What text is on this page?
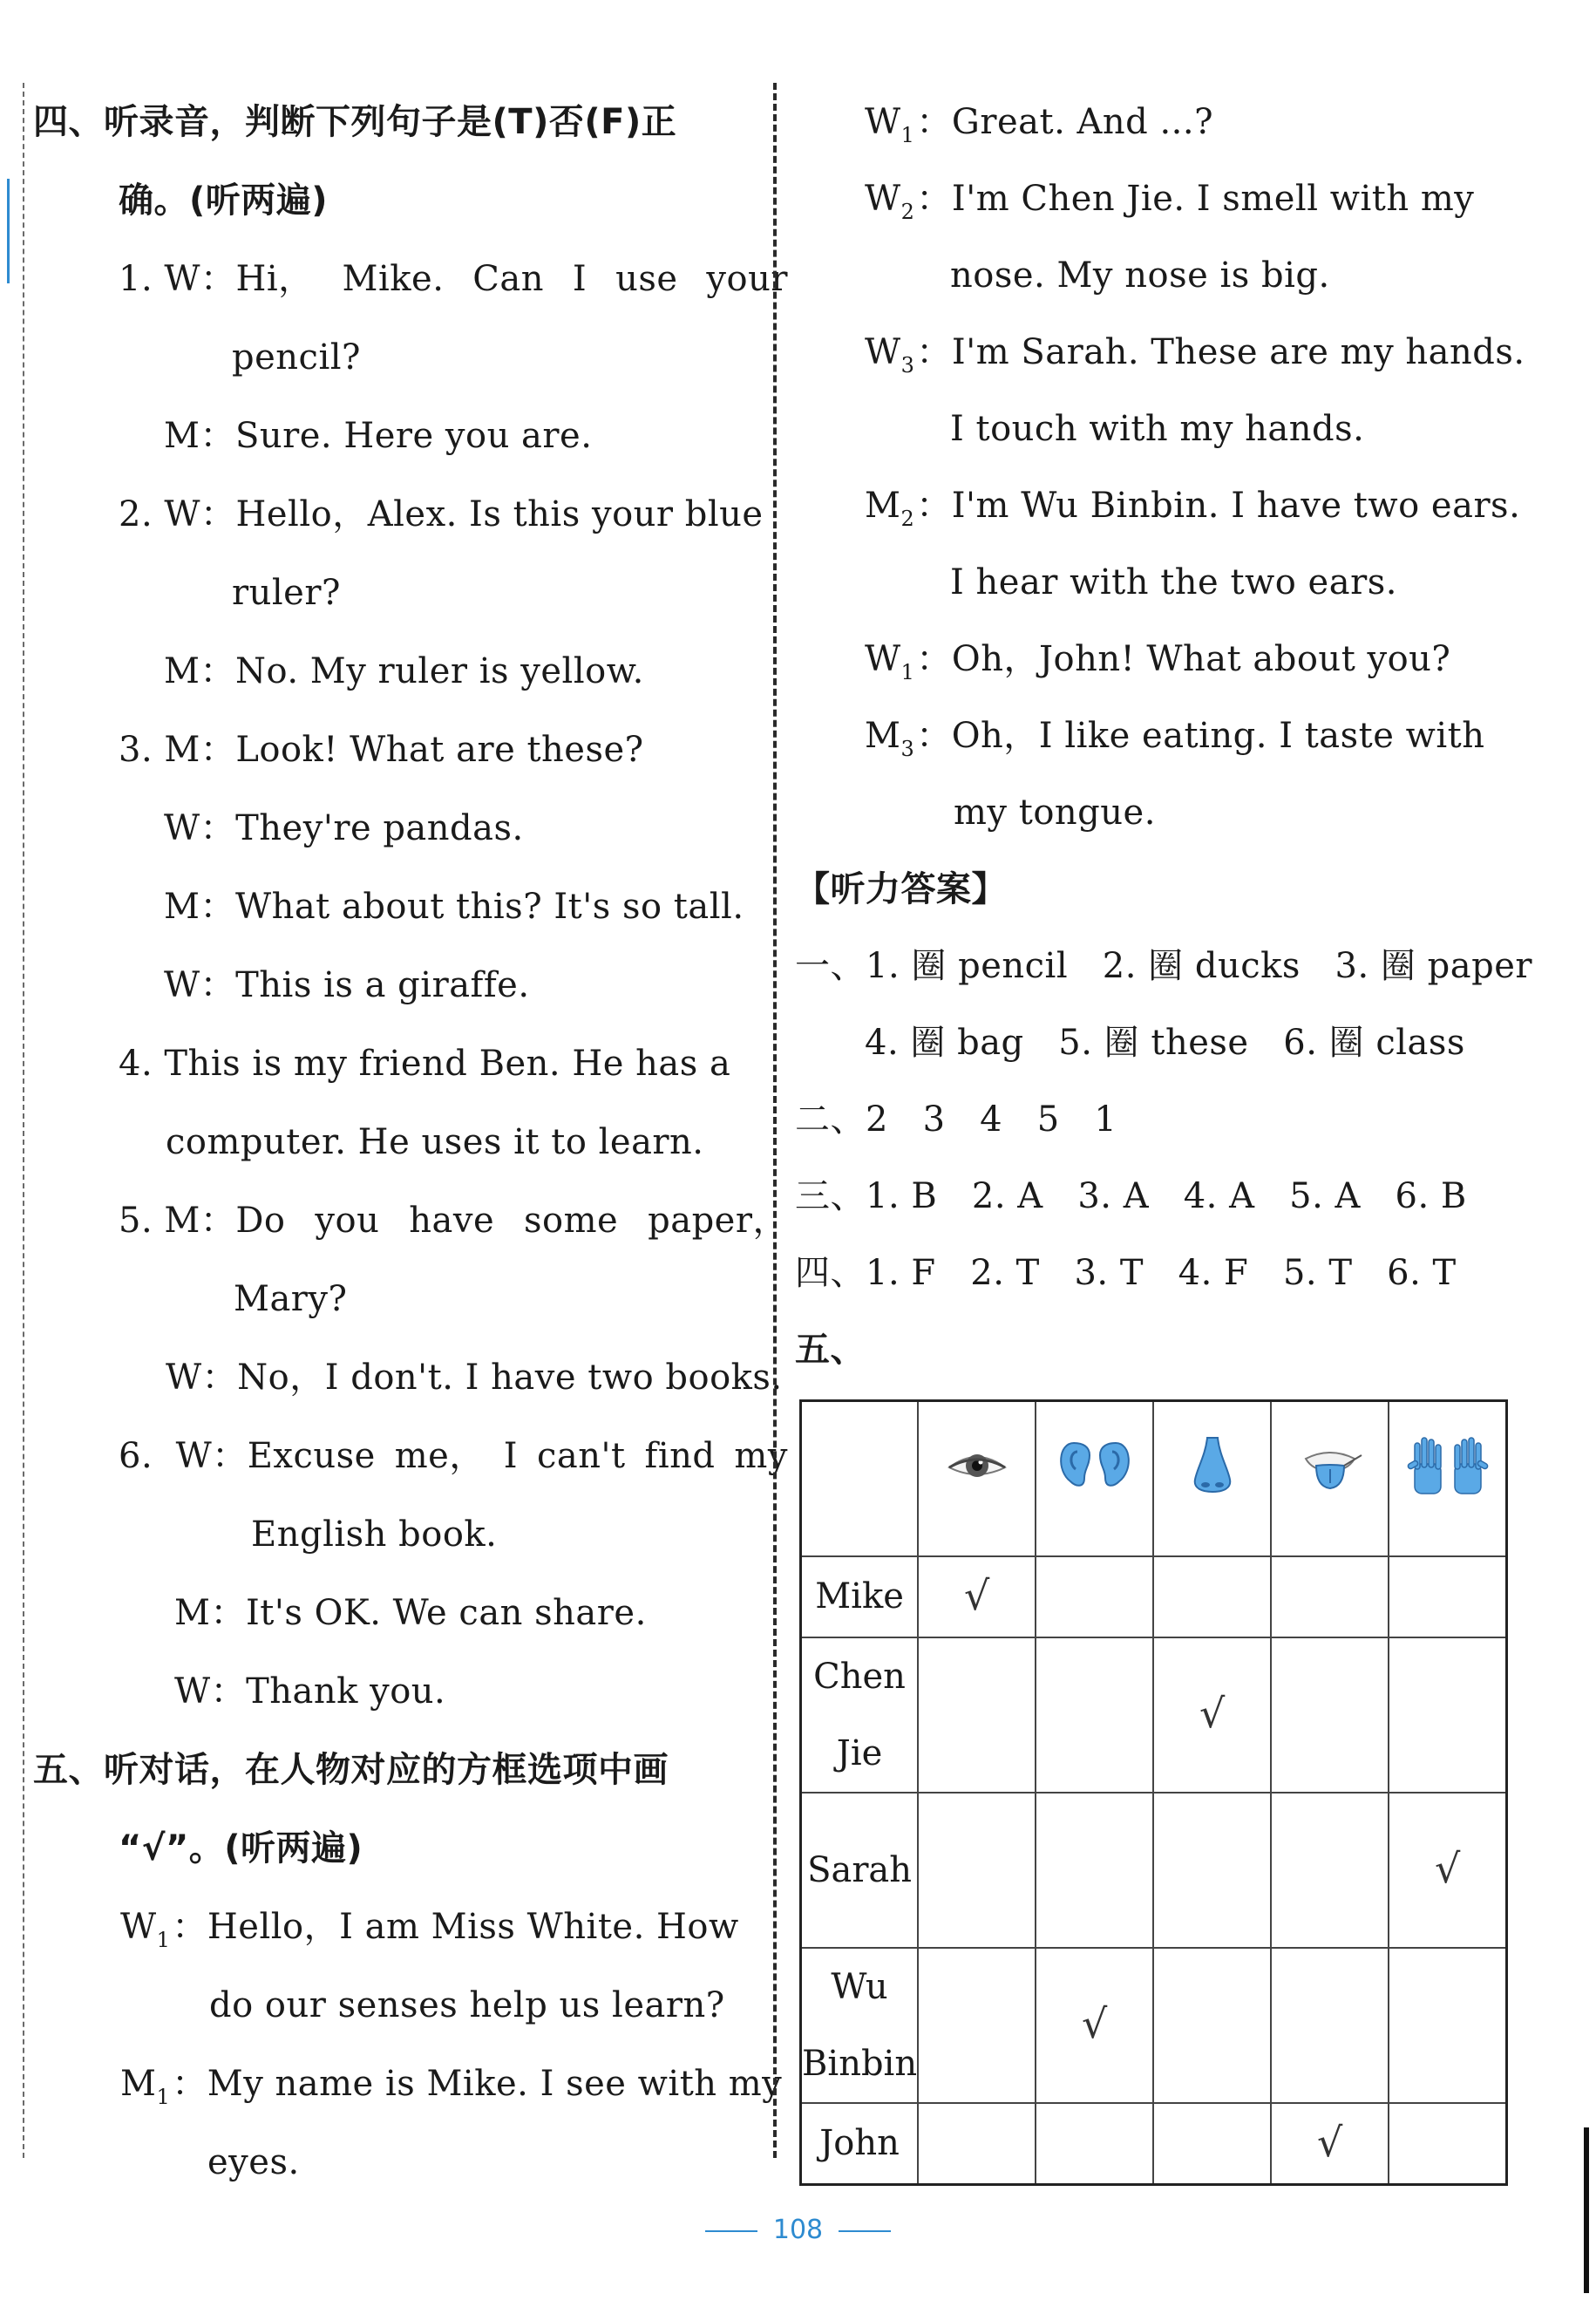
四、听录音，判断下列句子是(T)否(F)正
确。(听两遍)
1. W：Hi， Mike. Can I use your
pencil?
M：Sure. Here you are.
2. W：Hello，Alex. Is this your blue
ruler?
M：No. My ruler is yellow.
3. M：Look! What are these?
W：They're pandas.
M：What about this? It's so tall.
W：This is a giraffe.
4. This is my friend Ben. He has a
computer. He uses it to learn.
5. M：Do you have some paper，
Mary?
W：No，I don't. I have two books.
6.  W：Excuse me， I can't find my
English book.
M：It's OK. We can share.
W：Thank you.
五、听对话，在人物对应的方框选项中画
“√”。(听两遍)
$W_1$：Hello，I am Miss White. How
do our senses help us learn?
$M_1$：My name is Mike. I see with my
eyes.
$W_1$：Great. And ...?
$W_2$：I'm Chen Jie. I smell with my
nose. My nose is big.
$W_3$：I'm Sarah. These are my hands.
I touch with my hands.
$M_2$：I'm Wu Binbin. I have two ears.
I hear with the two ears.
$W_1$：Oh，John! What about you?
$M_3$：Oh，I like eating. I taste with
my tongue.
【听力答案】
一、1. 圈 pencil   2. 圈 ducks   3. 圈 paper
4. 圈 bag   5. 圈 these   6. 圈 class
二、2   3   4   5   1
三、1. B   2. A   3. A   4. A   5. A   6. B
四、1. F   2. T   3. T   4. F   5. T   6. T
五、

Mike	√				
Chen
Jie			√		
Sarah					√
Wu
Binbin		√			
John				√	
108
